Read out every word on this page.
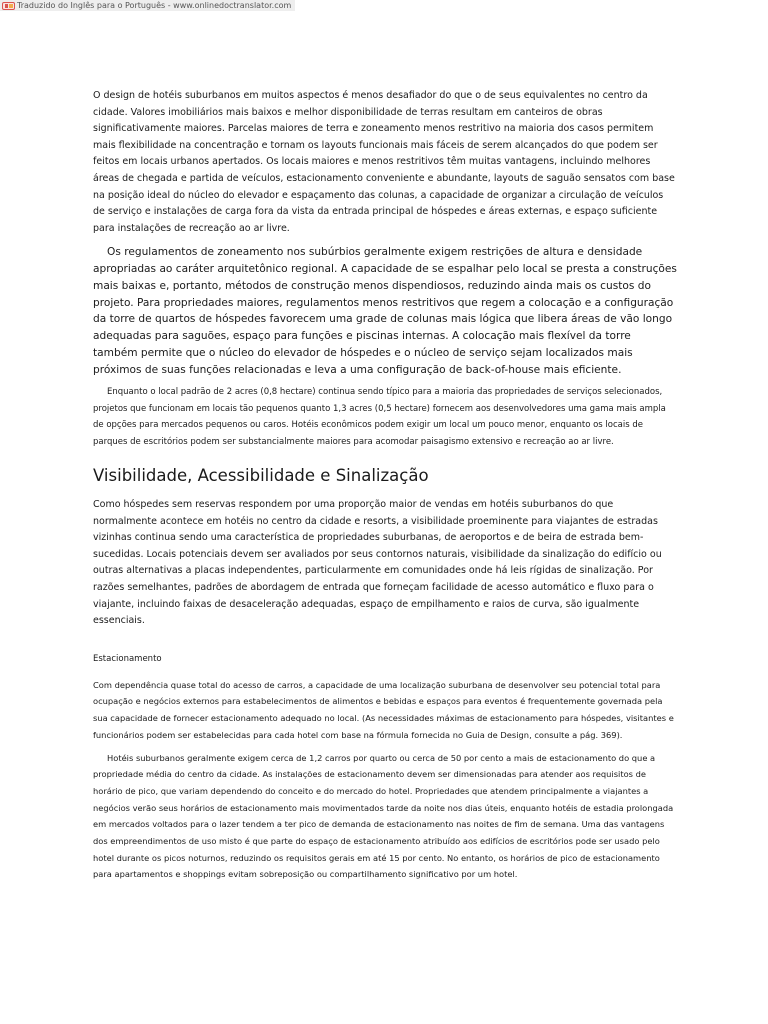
Traduzido do Inglês para o Português - www.onlinedoctranslator.com

O design de hotéis suburbanos em muitos aspectos é menos desafiador do que o de seus equivalentes no centro da cidade. Valores imobiliários mais baixos e melhor disponibilidade de terras resultam em canteiros de obras significativamente maiores. Parcelas maiores de terra e zoneamento menos restritivo na maioria dos casos permitem mais flexibilidade na concentração e tornam os layouts funcionais mais fáceis de serem alcançados do que podem ser feitos em locais urbanos apertados. Os locais maiores e menos restritivos têm muitas vantagens, incluindo melhores áreas de chegada e partida de veículos, estacionamento conveniente e abundante, layouts de saguão sensatos com base na posição ideal do núcleo do elevador e espaçamento das colunas, a capacidade de organizar a circulação de veículos de serviço e instalações de carga fora da vista da entrada principal de hóspedes e áreas externas, e espaço suficiente para instalações de recreação ao ar livre.

Os regulamentos de zoneamento nos subúrbios geralmente exigem restrições de altura e densidade apropriadas ao caráter arquitetônico regional. A capacidade de se espalhar pelo local se presta a construções mais baixas e, portanto, métodos de construção menos dispendiosos, reduzindo ainda mais os custos do projeto. Para propriedades maiores, regulamentos menos restritivos que regem a colocação e a configuração da torre de quartos de hóspedes favorecem uma grade de colunas mais lógica que libera áreas de vão longo adequadas para saguões, espaço para funções e piscinas internas. A colocação mais flexível da torre também permite que o núcleo do elevador de hóspedes e o núcleo de serviço sejam localizados mais próximos de suas funções relacionadas e leva a uma configuração de back-of-house mais eficiente.

Enquanto o local padrão de 2 acres (0,8 hectare) continua sendo típico para a maioria das propriedades de serviços selecionados, projetos que funcionam em locais tão pequenos quanto 1,3 acres (0,5 hectare) fornecem aos desenvolvedores uma gama mais ampla de opções para mercados pequenos ou caros. Hotéis econômicos podem exigir um local um pouco menor, enquanto os locais de parques de escritórios podem ser substancialmente maiores para acomodar paisagismo extensivo e recreação ao ar livre.

Visibilidade, Acessibilidade e Sinalização

Como hóspedes sem reservas respondem por uma proporção maior de vendas em hotéis suburbanos do que normalmente acontece em hotéis no centro da cidade e resorts, a visibilidade proeminente para viajantes de estradas vizinhas continua sendo uma característica de propriedades suburbanas, de aeroportos e de beira de estrada bem-sucedidas. Locais potenciais devem ser avaliados por seus contornos naturais, visibilidade da sinalização do edifício ou outras alternativas a placas independentes, particularmente em comunidades onde há leis rígidas de sinalização. Por razões semelhantes, padrões de abordagem de entrada que forneçam facilidade de acesso automático e fluxo para o viajante, incluindo faixas de desaceleração adequadas, espaço de empilhamento e raios de curva, são igualmente essenciais.

Estacionamento

Com dependência quase total do acesso de carros, a capacidade de uma localização suburbana de desenvolver seu potencial total para ocupação e negócios externos para estabelecimentos de alimentos e bebidas e espaços para eventos é frequentemente governada pela sua capacidade de fornecer estacionamento adequado no local. (As necessidades máximas de estacionamento para hóspedes, visitantes e funcionários podem ser estabelecidas para cada hotel com base na fórmula fornecida no Guia de Design, consulte a pág. 369).

Hotéis suburbanos geralmente exigem cerca de 1,2 carros por quarto ou cerca de 50 por cento a mais de estacionamento do que a propriedade média do centro da cidade. As instalações de estacionamento devem ser dimensionadas para atender aos requisitos de horário de pico, que variam dependendo do conceito e do mercado do hotel. Propriedades que atendem principalmente a viajantes a negócios verão seus horários de estacionamento mais movimentados tarde da noite nos dias úteis, enquanto hotéis de estadia prolongada em mercados voltados para o lazer tendem a ter pico de demanda de estacionamento nas noites de fim de semana. Uma das vantagens dos empreendimentos de uso misto é que parte do espaço de estacionamento atribuído aos edifícios de escritórios pode ser usado pelo hotel durante os picos noturnos, reduzindo os requisitos gerais em até 15 por cento. No entanto, os horários de pico de estacionamento para apartamentos e shoppings evitam sobreposição ou compartilhamento significativo por um hotel.
